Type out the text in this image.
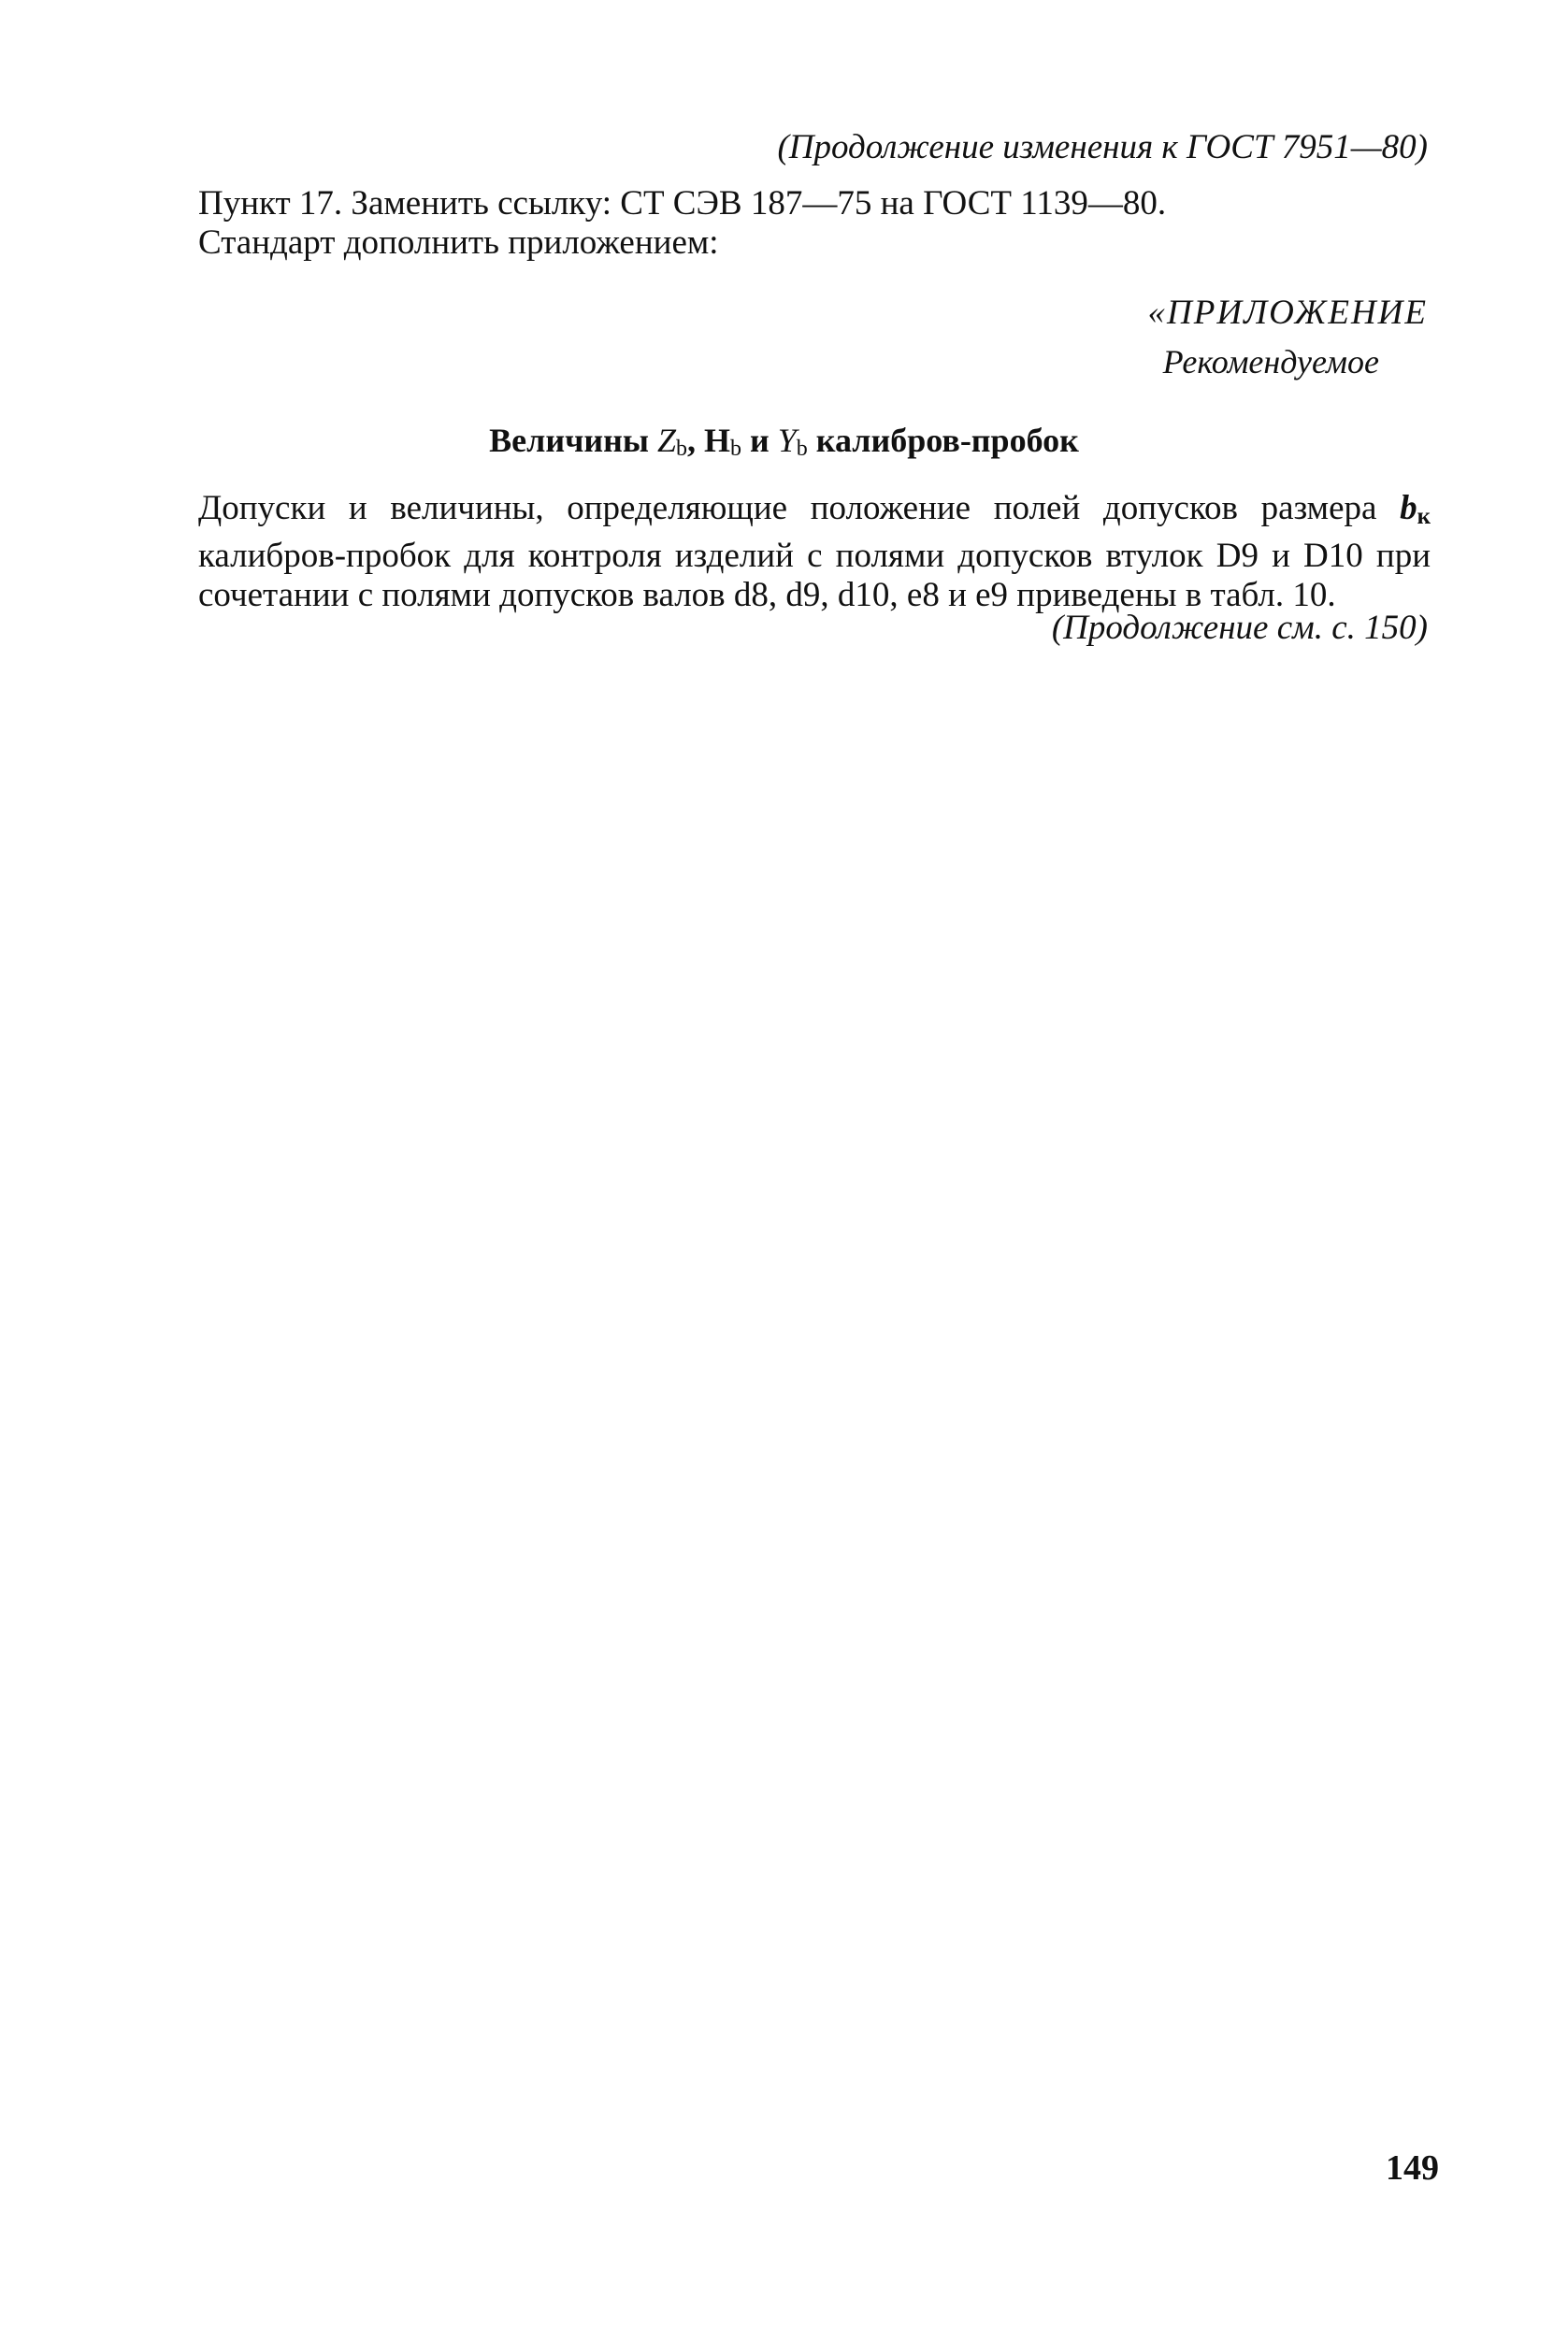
(Продолжение изменения к ГОСТ 7951—80)
Пункт 17. Заменить ссылку: СТ СЭВ 187—75 на ГОСТ 1139—80.
Стандарт дополнить приложением:
«ПРИЛОЖЕНИЕ
Рекомендуемое
Величины Zb, Hb и Yb калибров-пробок
Допуски и величины, определяющие положение полей допусков размера bк
калибров-пробок для контроля изделий с полями допусков втулок D9 и D10 при
сочетании с полями допусков валов d8, d9, d10, e8 и e9 приведены в табл. 10.
(Продолжение см. с. 150)
149
